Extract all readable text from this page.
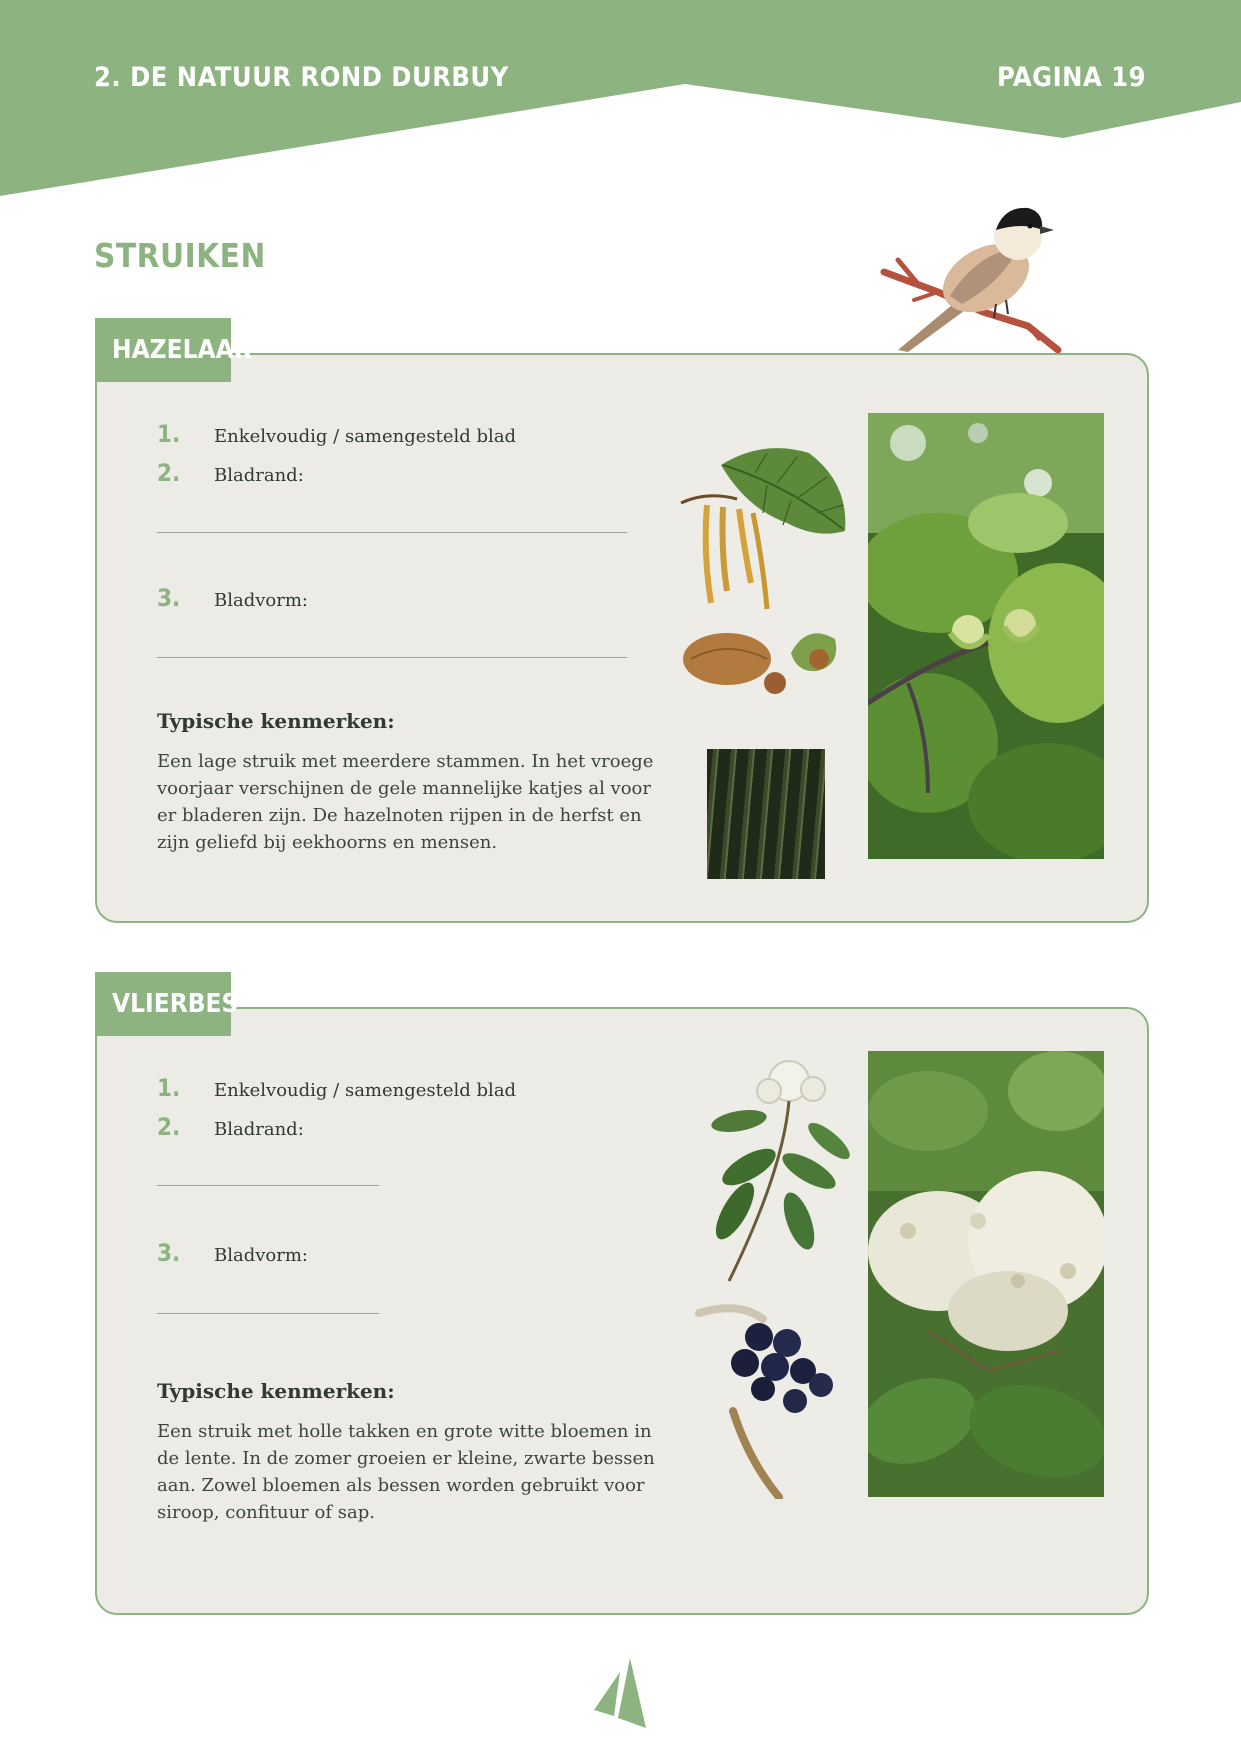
2. DE NATUUR ROND DURBUY	PAGINA 19
STRUIKEN
1.	Enkelvoudig / samengesteld blad
2.	Bladrand:
3.	Bladvorm:
Typische kenmerken:
Een lage struik met meerdere stammen. In het vroege voorjaar verschijnen de gele mannelijke katjes al voor er bladeren zijn. De hazelnoten rijpen in de herfst en zijn geliefd bij eekhoorns en mensen.
HAZELAAR
1.	Enkelvoudig / samengesteld blad
2.	Bladrand:
3.	Bladvorm:
Typische kenmerken:
Een struik met holle takken en grote witte bloemen in de lente. In de zomer groeien er kleine, zwarte bessen aan. Zowel bloemen als bessen worden gebruikt voor siroop, confituur of sap.
VLIERBES
